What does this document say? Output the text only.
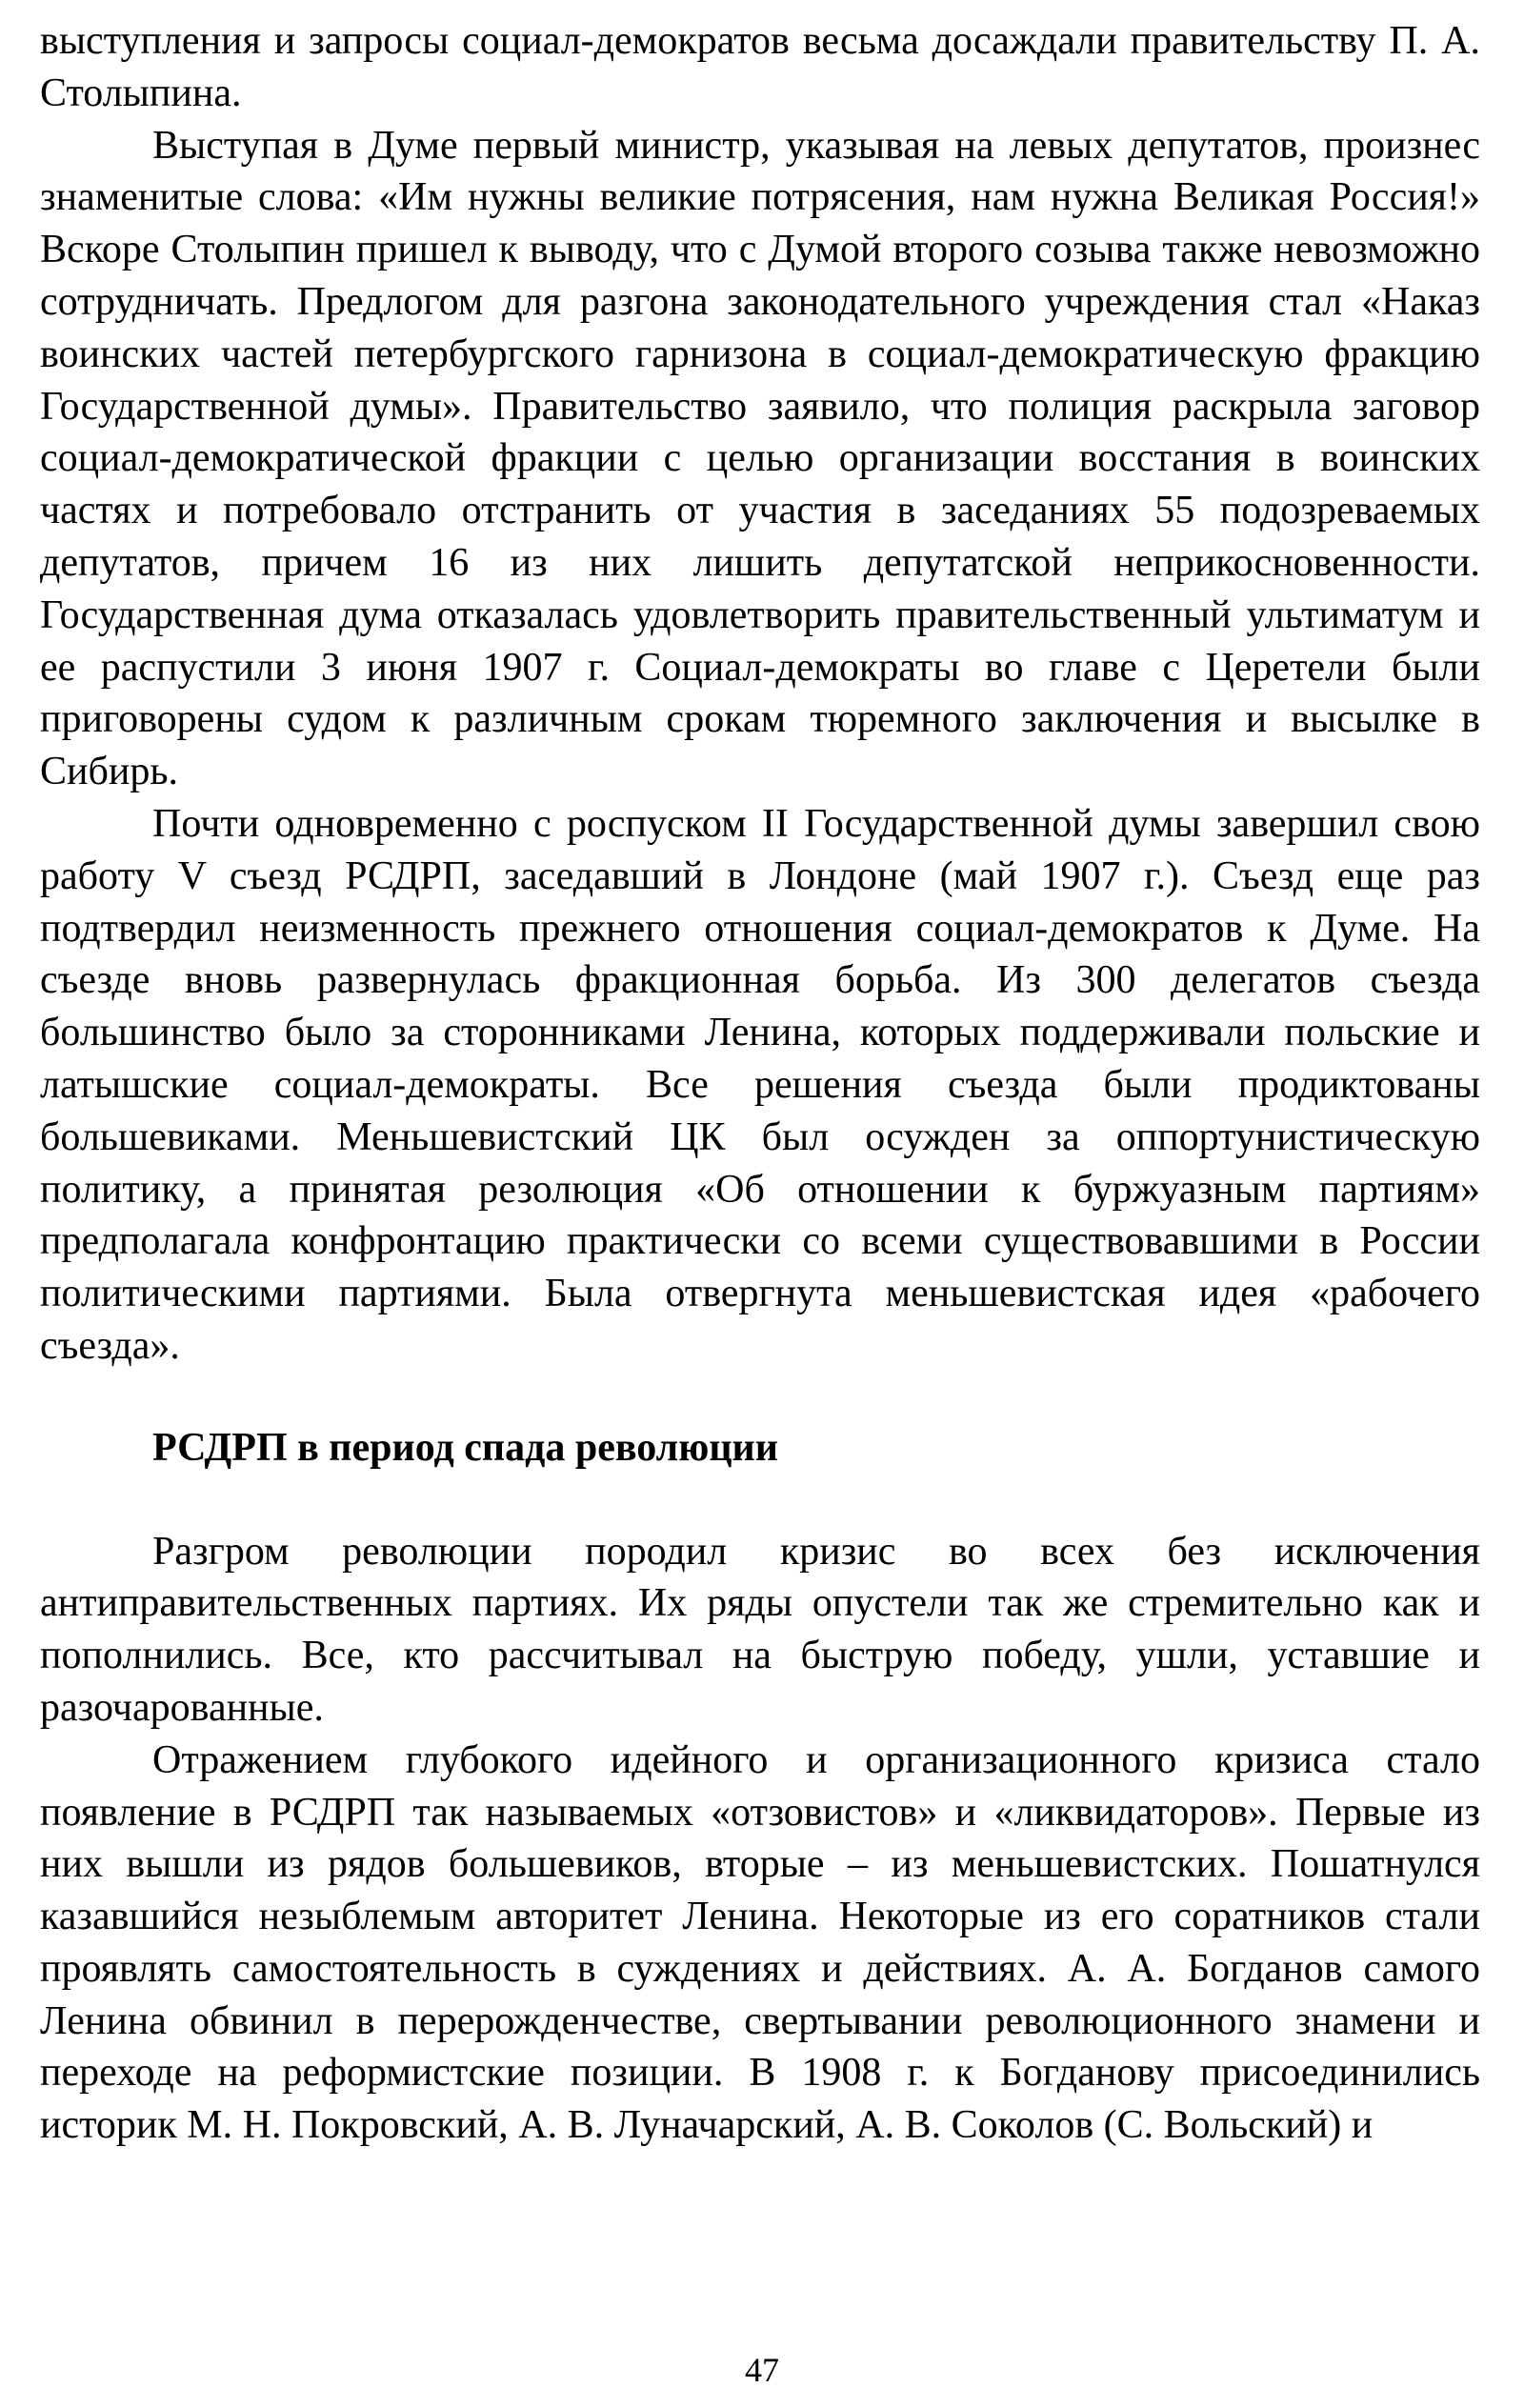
выступления и запросы социал-демократов весьма досаждали правительству П. А. Столыпина.

Выступая в Думе первый министр, указывая на левых депутатов, произнес знаменитые слова: «Им нужны великие потрясения, нам нужна Великая Россия!» Вскоре Столыпин пришел к выводу, что с Думой второго созыва также невозможно сотрудничать. Предлогом для разгона законодательного учреждения стал «Наказ воинских частей петербургского гарнизона в социал-демократическую фракцию Государственной думы». Правительство заявило, что полиция раскрыла заговор социал-демократической фракции с целью организации восстания в воинских частях и потребовало отстранить от участия в заседаниях 55 подозреваемых депутатов, причем 16 из них лишить депутатской неприкосновенности. Государственная дума отказалась удовлетворить правительственный ультиматум и ее распустили 3 июня 1907 г. Социал-демократы во главе с Церетели были приговорены судом к различным срокам тюремного заключения и высылке в Сибирь.

Почти одновременно с роспуском II Государственной думы завершил свою работу V съезд РСДРП, заседавший в Лондоне (май 1907 г.). Съезд еще раз подтвердил неизменность прежнего отношения социал-демократов к Думе. На съезде вновь развернулась фракционная борьба. Из 300 делегатов съезда большинство было за сторонниками Ленина, которых поддерживали польские и латышские социал-демократы. Все решения съезда были продиктованы большевиками. Меньшевистский ЦК был осужден за оппортунистическую политику, а принятая резолюция «Об отношении к буржуазным партиям» предполагала конфронтацию практически со всеми существовавшими в России политическими партиями. Была отвергнута меньшевистская идея «рабочего съезда».

РСДРП в период спада революции

Разгром революции породил кризис во всех без исключения антиправительственных партиях. Их ряды опустели так же стремительно как и пополнились. Все, кто рассчитывал на быструю победу, ушли, уставшие и разочарованные.

Отражением глубокого идейного и организационного кризиса стало появление в РСДРП так называемых «отзовистов» и «ликвидаторов». Первые из них вышли из рядов большевиков, вторые – из меньшевистских. Пошатнулся казавшийся незыблемым авторитет Ленина. Некоторые из его соратников стали проявлять самостоятельность в суждениях и действиях. А. А. Богданов самого Ленина обвинил в перерожденчестве, свертывании революционного знамени и переходе на реформистские позиции. В 1908 г. к Богданову присоединились историк М. Н. Покровский, А. В. Луначарский, А. В. Соколов (С. Вольский) и

47
